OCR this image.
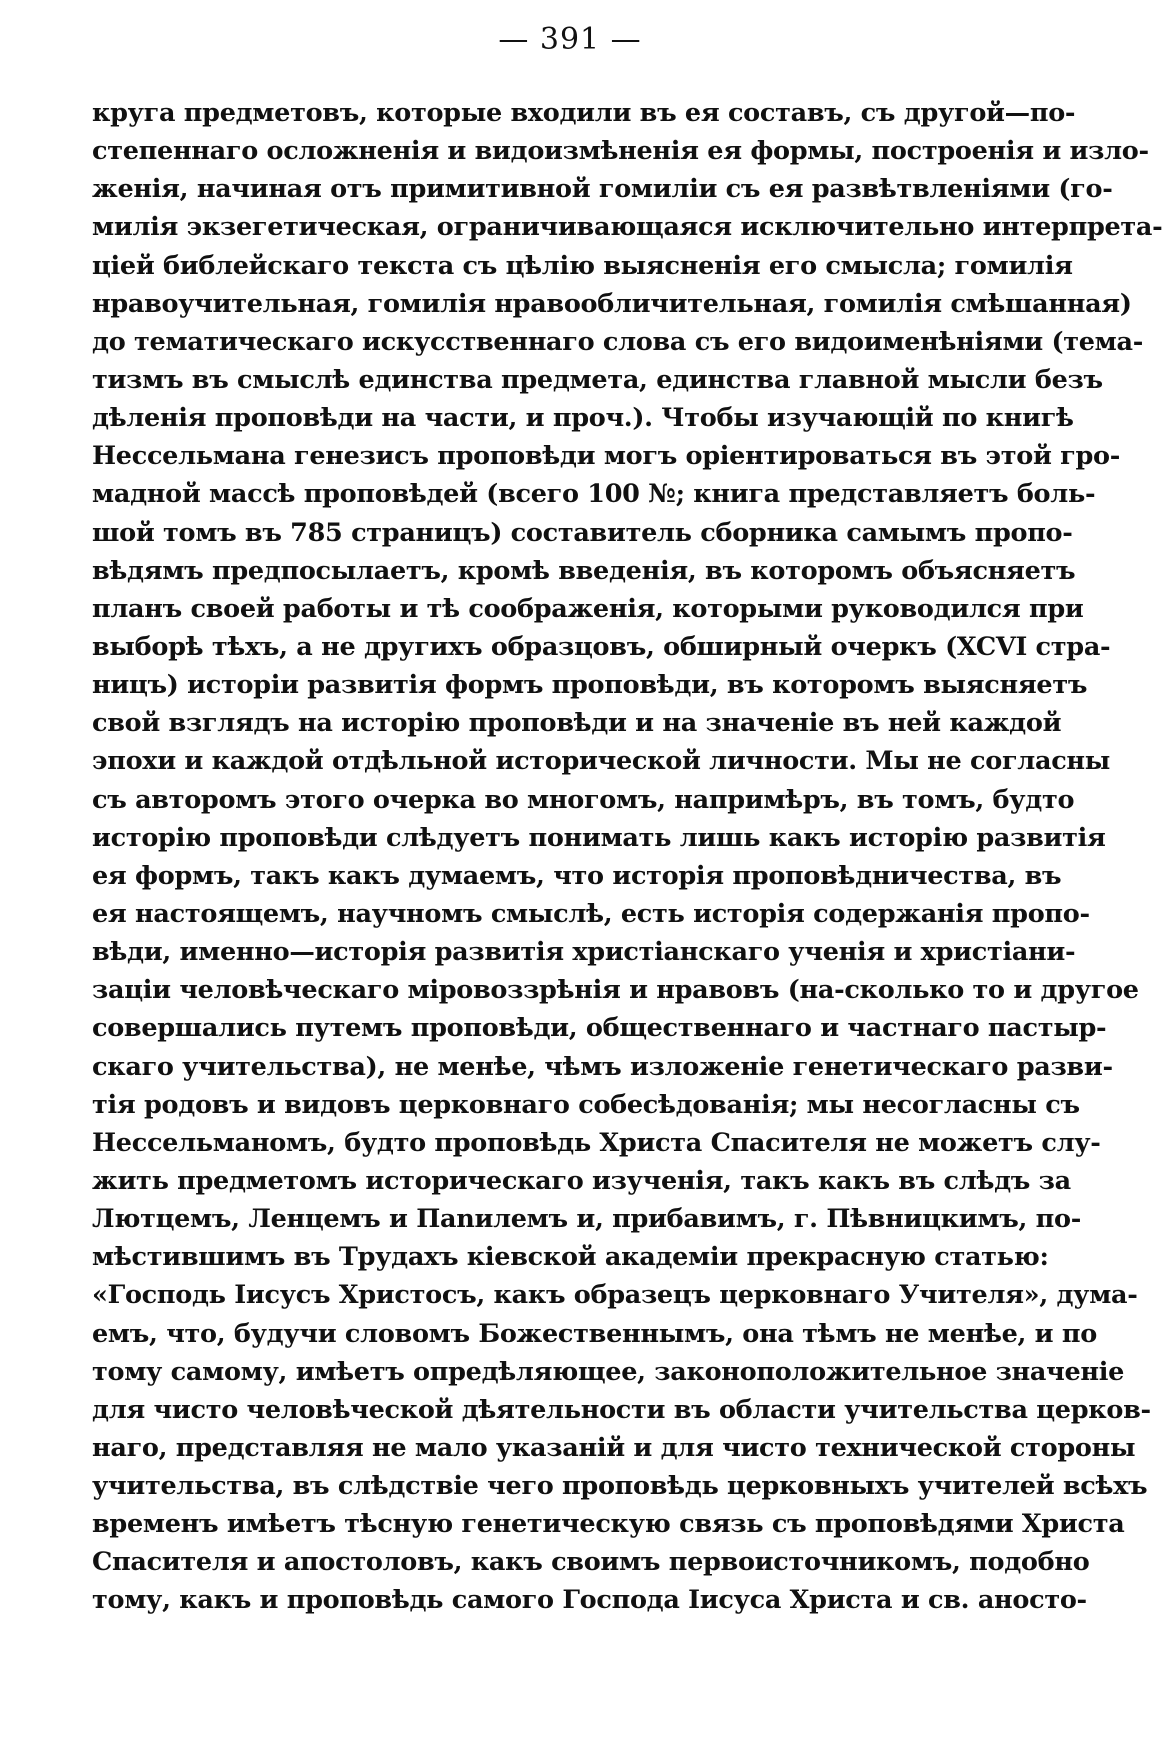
— 391 —
круга предметовъ, которые входили въ ея составъ, съ другой—по-
степеннаго осложненія и видоизмѣненія ея формы, построенія и изло-
женія, начиная отъ примитивной гомиліи съ ея развѣтвленіями (го-
милія экзегетическая, ограничивающаяся исключительно интерпрета-
ціей библейскаго текста съ цѣлію выясненія его смысла; гомилія
нравоучительная, гомилія нравообличительная, гомилія смѣшанная)
до тематическаго искусственнаго слова съ его видоименѣніями (тема-
тизмъ въ смыслѣ единства предмета, единства главной мысли безъ
дѣленія проповѣди на части, и проч.). Чтобы изучающій по книгѣ
Нессельмана генезисъ проповѣди могъ оріентироваться въ этой гро-
мадной массѣ проповѣдей (всего 100 №; книга представляетъ боль-
шой томъ въ 785 страницъ) составитель сборника самымъ пропо-
вѣдямъ предпосылаетъ, кромѣ введенія, въ которомъ объясняетъ
планъ своей работы и тѣ соображенія, которыми руководился при
выборѣ тѣхъ, а не другихъ образцовъ, обширный очеркъ (XCVI стра-
ницъ) исторіи развитія формъ проповѣди, въ которомъ выясняетъ
свой взглядъ на исторію проповѣди и на значеніе въ ней каждой
эпохи и каждой отдѣльной исторической личности. Мы не согласны
съ авторомъ этого очерка во многомъ, напримѣръ, въ томъ, будто
исторію проповѣди слѣдуетъ понимать лишь какъ исторію развитія
ея формъ, такъ какъ думаемъ, что исторія проповѣдничества, въ
ея настоящемъ, научномъ смыслѣ, есть исторія содержанія пропо-
вѣди, именно—исторія развитія христіанскаго ученія и христіани-
заціи человѣческаго міровоззрѣнія и нравовъ (на-сколько то и другое
совершались путемъ проповѣди, общественнаго и частнаго пастыр-
скаго учительства), не менѣе, чѣмъ изложеніе генетическаго разви-
тія родовъ и видовъ церковнаго собесѣдованія; мы несогласны съ
Нессельманомъ, будто проповѣдь Христа Спасителя не можетъ слу-
жить предметомъ историческаго изученія, такъ какъ въ слѣдъ за
Лютцемъ, Ленцемъ и Пanилемъ и, прибавимъ, г. Пѣвницкимъ, по-
мѣстившимъ въ Трудахъ кіевской академіи прекрасную статью:
«Господь Іисусъ Христосъ, какъ образецъ церковнаго Учителя», дума-
емъ, что, будучи словомъ Божественнымъ, она тѣмъ не менѣе, и по
тому самому, имѣетъ опредѣляющее, законоположительное значеніе
для чисто человѣческой дѣятельности въ области учительства церков-
наго, представляя не мало указаній и для чисто технической стороны
учительства, въ слѣдствіе чего проповѣдь церковныхъ учителей всѣхъ
временъ имѣетъ тѣсную генетическую связь съ проповѣдями Христа
Спасителя и апостоловъ, какъ своимъ первоисточникомъ, подобно
тому, какъ и проповѣдь самого Господа Іисуса Христа и св. аносто-
